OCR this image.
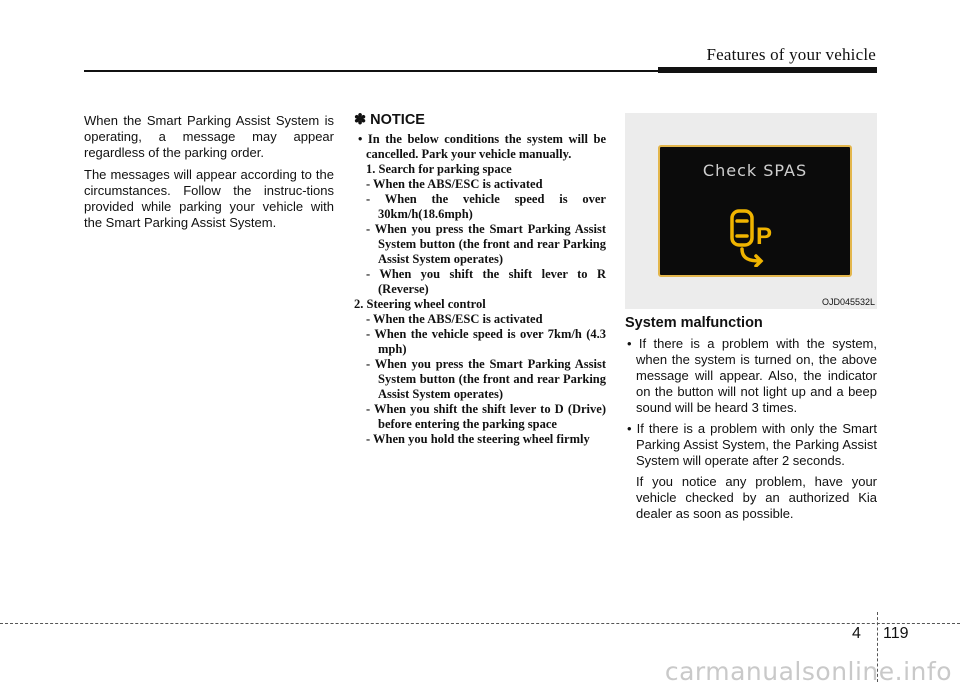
Features of your vehicle

When the Smart Parking Assist System is operating, a message may appear regardless of the parking order.

The messages will appear according to the circumstances. Follow the instruc-tions provided while parking your vehicle with the Smart Parking Assist System.

✽ NOTICE
• In the below conditions the system will be cancelled. Park your vehicle manually.
1. Search for parking space
- When the ABS/ESC is activated
- When the vehicle speed is over 30km/h(18.6mph)
- When you press the Smart Parking Assist System button (the front and rear Parking Assist System operates)
- When you shift the shift lever to R (Reverse)
2. Steering wheel control
- When the ABS/ESC is activated
- When the vehicle speed is over 7km/h (4.3 mph)
- When you press the Smart Parking Assist System button (the front and rear Parking Assist System operates)
- When you shift the shift lever to D (Drive) before entering the parking space
- When you hold the steering wheel firmly
Check SPAS
P
OJD045532L
System malfunction
• If there is a problem with the system, when the system is turned on, the above message will appear. Also, the indicator on the button will not light up and a beep sound will be heard 3 times.
• If there is a problem with only the Smart Parking Assist System, the Parking Assist System will operate after 2 seconds.
If you notice any problem, have your vehicle checked by an authorized Kia dealer as soon as possible.
4 119
carmanualsonline.info
